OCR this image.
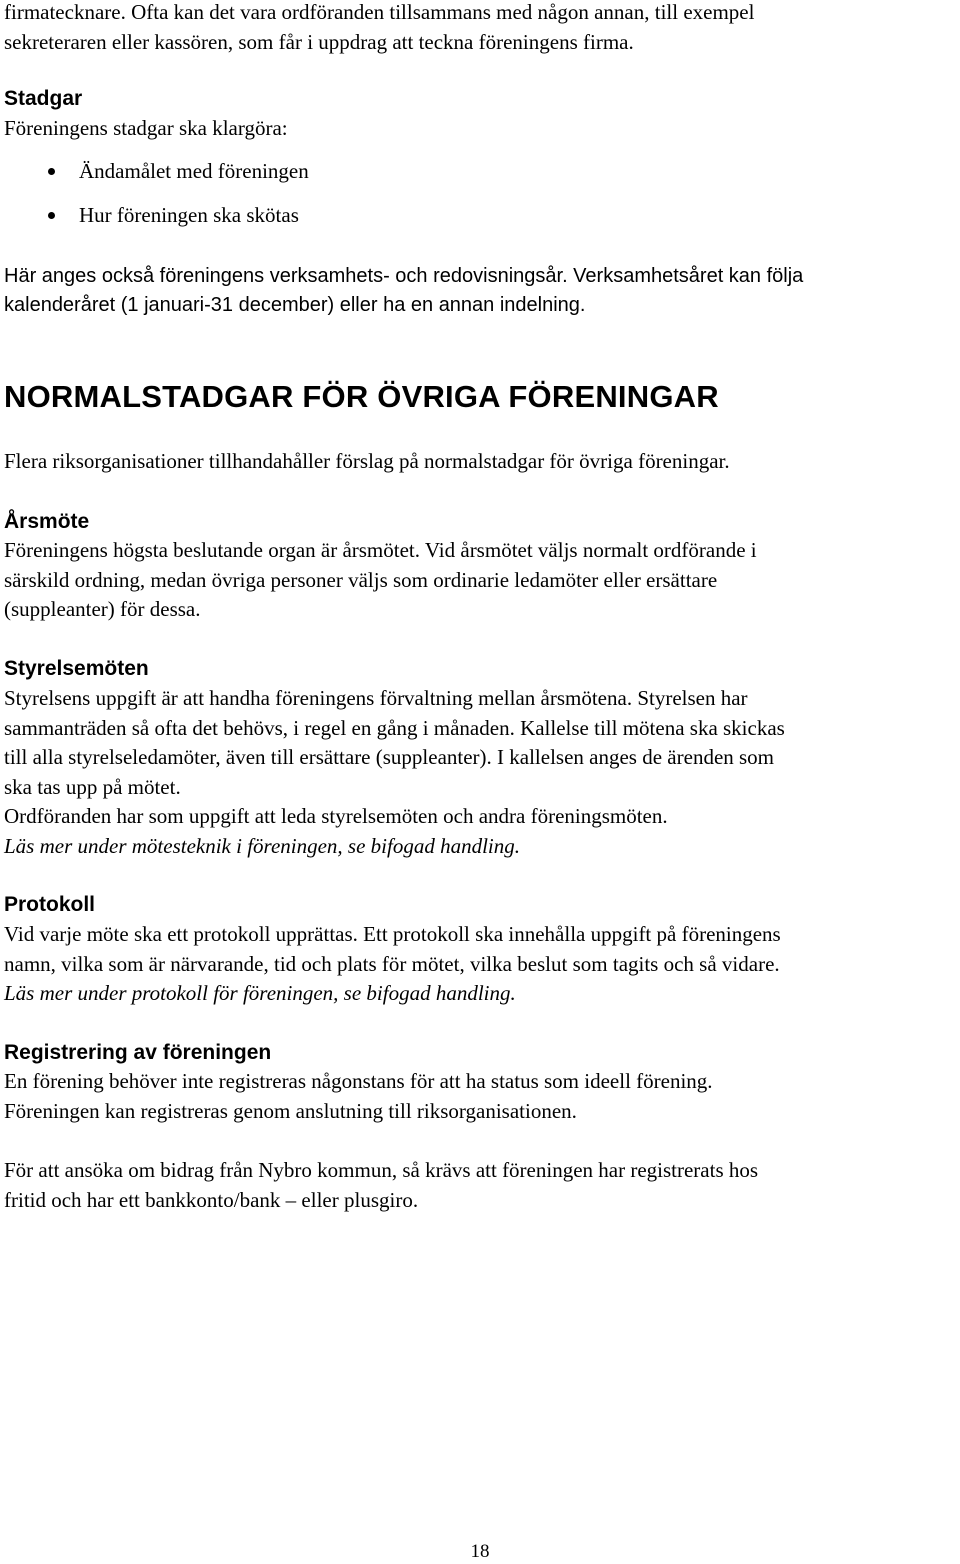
firmatecknare. Ofta kan det vara ordföranden tillsammans med någon annan, till exempel

sekreteraren eller kassören, som får i uppdrag att teckna föreningens firma.

Stadgar

Föreningens stadgar ska klargöra:

Ändamålet med föreningen
Hur föreningen ska skötas

Här anges också föreningens verksamhets- och redovisningsår. Verksamhetsåret kan följa

kalenderåret (1 januari-31 december) eller ha en annan indelning.

NORMALSTADGAR FÖR ÖVRIGA FÖRENINGAR

Flera riksorganisationer tillhandahåller förslag på normalstadgar för övriga föreningar.

Årsmöte

Föreningens högsta beslutande organ är årsmötet. Vid årsmötet väljs normalt ordförande i

särskild ordning, medan övriga personer väljs som ordinarie ledamöter eller ersättare

(suppleanter) för dessa.

Styrelsemöten

Styrelsens uppgift är att handha föreningens förvaltning mellan årsmötena. Styrelsen har

sammanträden så ofta det behövs, i regel en gång i månaden. Kallelse till mötena ska skickas

till alla styrelseledamöter, även till ersättare (suppleanter). I kallelsen anges de ärenden som

ska tas upp på mötet.

Ordföranden har som uppgift att leda styrelsemöten och andra föreningsmöten.

Läs mer under mötesteknik i föreningen, se bifogad handling.

Protokoll

Vid varje möte ska ett protokoll upprättas. Ett protokoll ska innehålla uppgift på föreningens

namn, vilka som är närvarande, tid och plats för mötet, vilka beslut som tagits och så vidare.

Läs mer under protokoll för föreningen, se bifogad handling.

Registrering av föreningen

En förening behöver inte registreras någonstans för att ha status som ideell förening.

Föreningen kan registreras genom anslutning till riksorganisationen.

För att ansöka om bidrag från Nybro kommun, så krävs att föreningen har registrerats hos

fritid och har ett bankkonto/bank – eller plusgiro.

18
